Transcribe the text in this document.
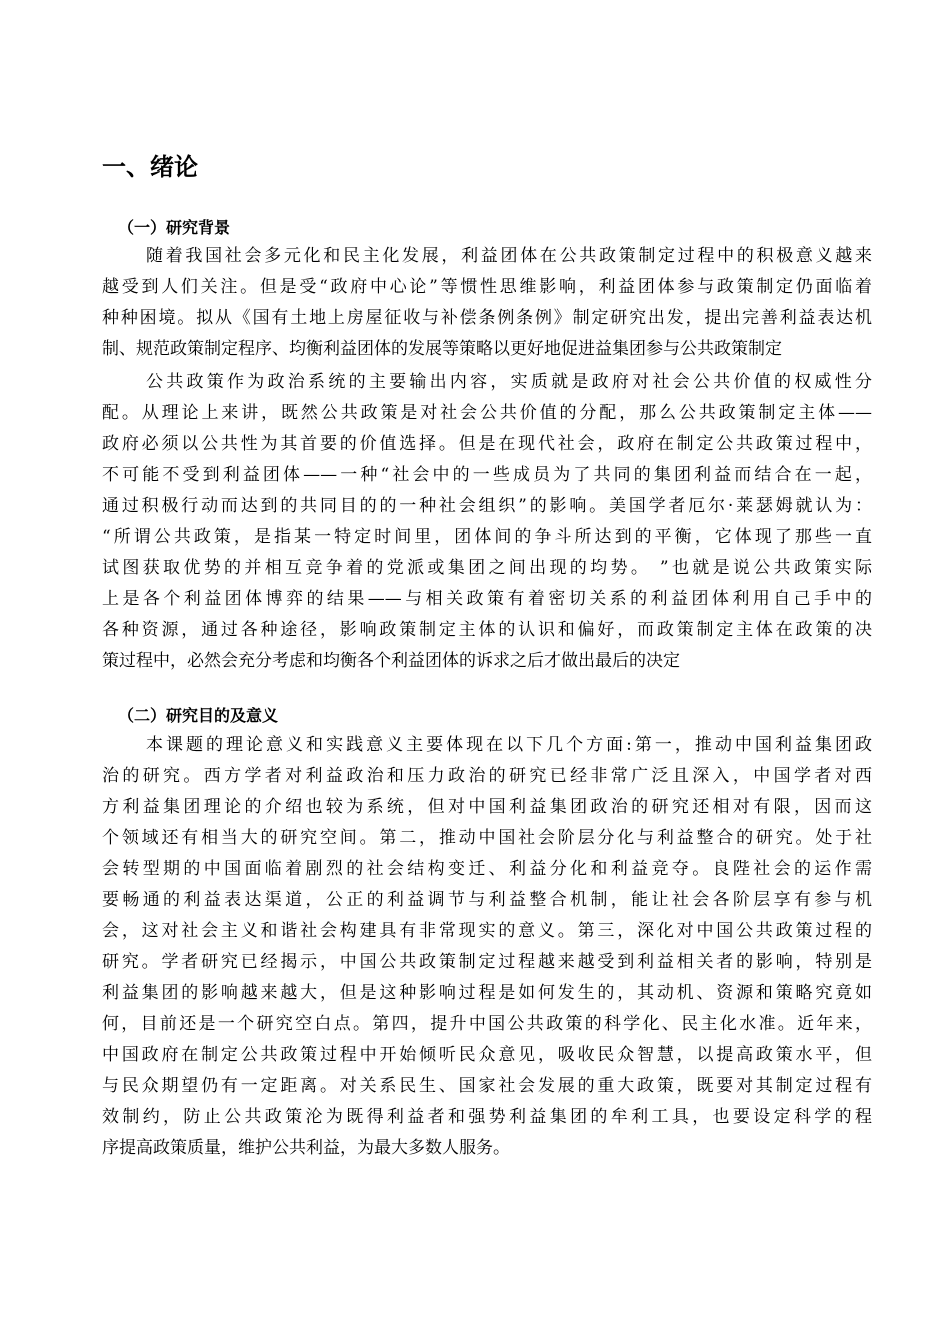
一、绪论
（一）研究背景
随着我国社会多元化和民主化发展，利益团体在公共政策制定过程中的积极意义越来
越受到人们关注。但是受“政府中心论”等惯性思维影响，利益团体参与政策制定仍面临着
种种困境。拟从《国有土地上房屋征收与补偿条例条例》制定研究出发，提出完善利益表达机
制、规范政策制定程序、均衡利益团体的发展等策略以更好地促进益集团参与公共政策制定
公共政策作为政治系统的主要输出内容，实质就是政府对社会公共价值的权威性分
配。从理论上来讲，既然公共政策是对社会公共价值的分配，那么公共政策制定主体——
政府必须以公共性为其首要的价值选择。但是在现代社会，政府在制定公共政策过程中，
不可能不受到利益团体——一种“社会中的一些成员为了共同的集团利益而结合在一起，
通过积极行动而达到的共同目的的一种社会组织”的影响。美国学者厄尔·莱瑟姆就认为：
“所谓公共政策，是指某一特定时间里，团体间的争斗所达到的平衡，它体现了那些一直
试图获取优势的并相互竞争着的党派或集团之间出现的均势。 ”也就是说公共政策实际
上是各个利益团体博弈的结果——与相关政策有着密切关系的利益团体利用自己手中的
各种资源，通过各种途径，影响政策制定主体的认识和偏好，而政策制定主体在政策的决
策过程中，必然会充分考虑和均衡各个利益团体的诉求之后才做出最后的决定
（二）研究目的及意义
本课题的理论意义和实践意义主要体现在以下几个方面:第一，推动中国利益集团政
治的研究。西方学者对利益政治和压力政治的研究已经非常广泛且深入，中国学者对西
方利益集团理论的介绍也较为系统，但对中国利益集团政治的研究还相对有限，因而这
个领域还有相当大的研究空间。第二，推动中国社会阶层分化与利益整合的研究。处于社
会转型期的中国面临着剧烈的社会结构变迁、利益分化和利益竞夺。良陛社会的运作需
要畅通的利益表达渠道，公正的利益调节与利益整合机制，能让社会各阶层享有参与机
会，这对社会主义和谐社会构建具有非常现实的意义。第三，深化对中国公共政策过程的
研究。学者研究已经揭示，中国公共政策制定过程越来越受到利益相关者的影响，特别是
利益集团的影响越来越大，但是这种影响过程是如何发生的，其动机、资源和策略究竟如
何，目前还是一个研究空白点。第四，提升中国公共政策的科学化、民主化水准。近年来，
中国政府在制定公共政策过程中开始倾听民众意见，吸收民众智慧，以提高政策水平，但
与民众期望仍有一定距离。对关系民生、国家社会发展的重大政策，既要对其制定过程有
效制约，防止公共政策沦为既得利益者和强势利益集团的牟利工具，也要设定科学的程
序提高政策质量，维护公共利益，为最大多数人服务。
